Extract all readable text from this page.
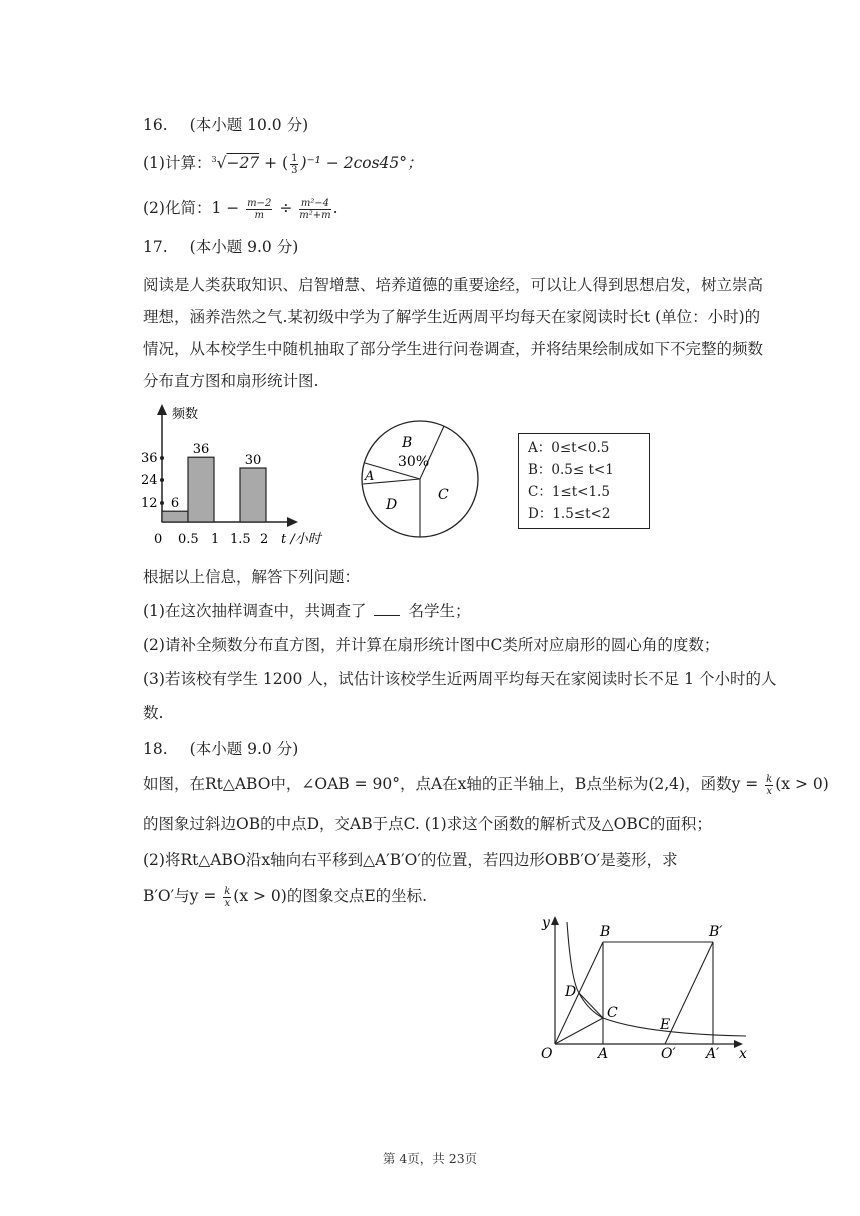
16. (本小题 10.0 分)
(1)计算：$^3$√−27 + ( $\frac{1}{3} )^{-1} - 2\cos 45^\circ$；
(2)化简：$1 - \frac{m-2}{m} \div \frac{\text{m²−4}}{\text{m²+m}}$ .
17. (本小题 9.0 分)
阅读是人类获取知识、启智增慧、培养道德的重要途经，可以让人得到思想启发，树立崇高
理想，涵养浩然之气.某初级中学为了解学生近两周平均每天在家阅读时长t (单位：小时)的
情况，从本校学生中随机抽取了部分学生进行问卷调查，并将结果绘制成如下不完整的频数
分布直方图和扇形统计图.
频数
36
24
12 6
36
30
0 0.5 1 1.5 2 t /小时
B
30%
A
C
D
A：0≤t<0.5
B：0.5≤ t<1
C：1≤t<1.5
D：1.5≤t<2
根据以上信息，解答下列问题：
(1)在这次抽样调查中，共调查了	名学生；
(2)请补全频数分布直方图，并计算在扇形统计图中C类所对应扇形的圆心角的度数；
(3)若该校有学生 1200 人，试估计该校学生近两周平均每天在家阅读时长不足 1 个小时的人
数.
18. (本小题 9.0 分)
如图，在Rt△ABO中，∠OAB = 90°，点A在x轴的正半轴上，B点坐标为(2,4)，函数$y = \frac{k}{x} (x > 0)$
的图象过斜边OB的中点D，交AB于点C. (1)求这个函数的解析式及△OBC的面积；
(2)将Rt△ABO沿x轴向右平移到△A′B′O′的位置，若四边形OBB′O′是菱形，求
B′O′与$y = \frac{k}{x} (x > 0)$的图象交点E的坐标.
y
B	B′
D
C
E
O	A	O′ A′ x
第 4页，共 23页
